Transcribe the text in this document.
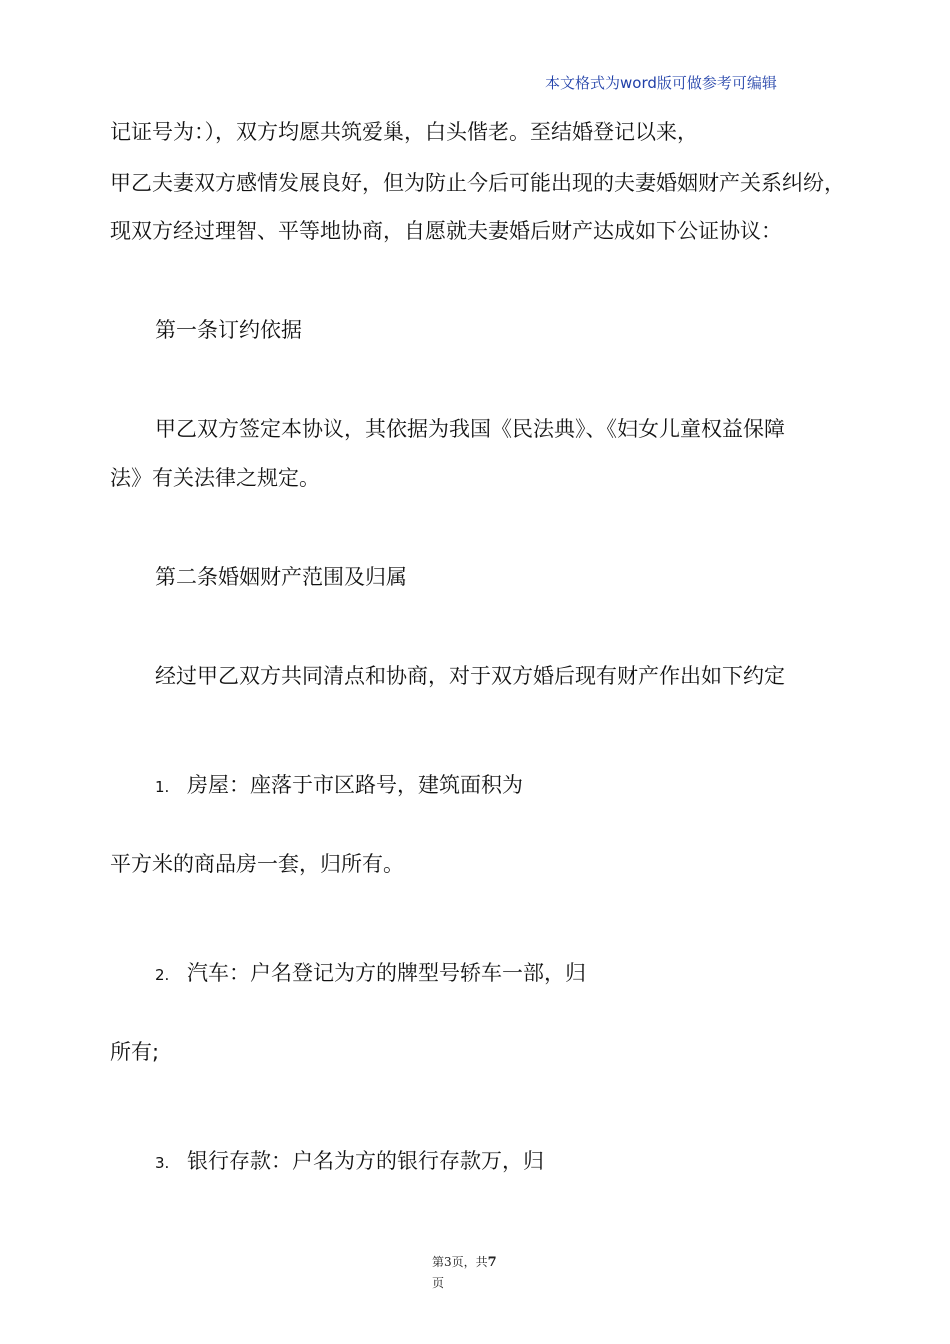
本文格式为word版可做参考可编辑
记证号为：），双方均愿共筑爱巢，白头偕老。至结婚登记以来，
甲乙夫妻双方感情发展良好，但为防止今后可能出现的夫妻婚姻财产关系纠纷，
现双方经过理智、平等地协商，自愿就夫妻婚后财产达成如下公证协议：
第一条订约依据
甲乙双方签定本协议，其依据为我国《民法典》、《妇女儿童权益保障
法》有关法律之规定。
第二条婚姻财产范围及归属
经过甲乙双方共同清点和协商，对于双方婚后现有财产作出如下约定
1. 房屋：座落于市区路号，建筑面积为
平方米的商品房一套，归所有。
2. 汽车：户名登记为方的牌型号轿车一部，归
所有;
3. 银行存款：户名为方的银行存款万，归
第3页，共7
页
